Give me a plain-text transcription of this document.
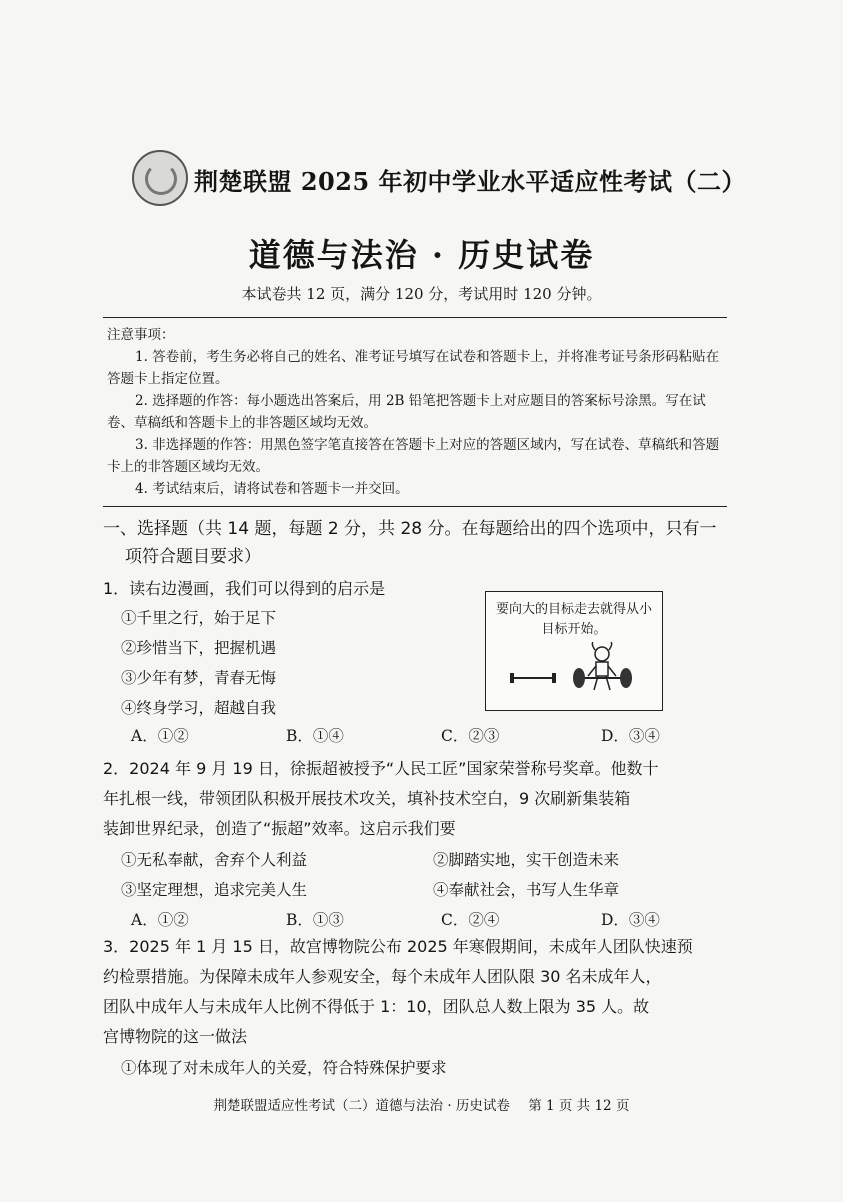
荆楚联盟 2025 年初中学业水平适应性考试（二）
道德与法治 · 历史试卷
本试卷共 12 页，满分 120 分，考试用时 120 分钟。
注意事项：

1. 答卷前，考生务必将自己的姓名、准考证号填写在试卷和答题卡上，并将准考证号条形码粘贴在答题卡上指定位置。

2. 选择题的作答：每小题选出答案后，用 2B 铅笔把答题卡上对应题目的答案标号涂黑。写在试卷、草稿纸和答题卡上的非答题区域均无效。

3. 非选择题的作答：用黑色签字笔直接答在答题卡上对应的答题区域内，写在试卷、草稿纸和答题卡上的非答题区域均无效。

4. 考试结束后，请将试卷和答题卡一并交回。

一、选择题（共 14 题，每题 2 分，共 28 分。在每题给出的四个选项中，只有一
项符合题目要求）
1．读右边漫画，我们可以得到的启示是
①千里之行，始于足下
②珍惜当下，把握机遇
③少年有梦，青春无悔
④终身学习，超越自我
A．①②	B．①④	C．②③	D．③④
要向大的目标走去就得从小目标开始。
2．2024 年 9 月 19 日，徐振超被授予“人民工匠”国家荣誉称号奖章。他数十
年扎根一线，带领团队积极开展技术攻关，填补技术空白，9 次刷新集装箱
装卸世界纪录，创造了“振超”效率。这启示我们要
①无私奉献，舍弃个人利益	②脚踏实地，实干创造未来
③坚定理想，追求完美人生	④奉献社会，书写人生华章
A．①②	B．①③	C．②④	D．③④
3．2025 年 1 月 15 日，故宫博物院公布 2025 年寒假期间，未成年人团队快速预
约检票措施。为保障未成年人参观安全，每个未成年人团队限 30 名未成年人，
团队中成年人与未成年人比例不得低于 1：10，团队总人数上限为 35 人。故
宫博物院的这一做法
①体现了对未成年人的关爱，符合特殊保护要求
荆楚联盟适应性考试（二）道德与法治 · 历史试卷 第 1 页 共 12 页
